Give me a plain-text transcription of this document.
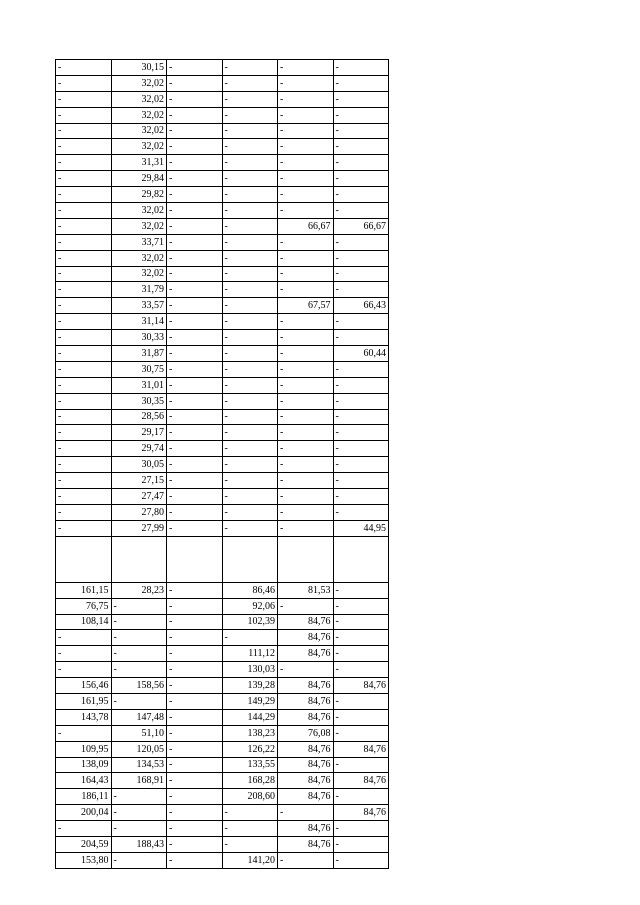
-	30,15	-	-	-	-
-	32,02	-	-	-	-
-	32,02	-	-	-	-
-	32,02	-	-	-	-
-	32,02	-	-	-	-
-	32,02	-	-	-	-
-	31,31	-	-	-	-
-	29,84	-	-	-	-
-	29,82	-	-	-	-
-	32,02	-	-	-	-
-	32,02	-	-	66,67	66,67
-	33,71	-	-	-	-
-	32,02	-	-	-	-
-	32,02	-	-	-	-
-	31,79	-	-	-	-
-	33,57	-	-	67,57	66,43
-	31,14	-	-	-	-
-	30,33	-	-	-	-
-	31,87	-	-	-	60,44
-	30,75	-	-	-	-
-	31,01	-	-	-	-
-	30,35	-	-	-	-
-	28,56	-	-	-	-
-	29,17	-	-	-	-
-	29,74	-	-	-	-
-	30,05	-	-	-	-
-	27,15	-	-	-	-
-	27,47	-	-	-	-
-	27,80	-	-	-	-
-	27,99	-	-	-	44,95

161,15	28,23	-	86,46	81,53	-
76,75	-	-	92,06	-	-
108,14	-	-	102,39	84,76	-
-	-	-	-	84,76	-
-	-	-	111,12	84,76	-
-	-	-	130,03	-	-
156,46	158,56	-	139,28	84,76	84,76
161,95	-	-	149,29	84,76	-
143,78	147,48	-	144,29	84,76	-
-	51,10	-	138,23	76,08	-
109,95	120,05	-	126,22	84,76	84,76
138,09	134,53	-	133,55	84,76	-
164,43	168,91	-	168,28	84,76	84,76
186,11	-	-	208,60	84,76	-
200,04	-	-	-	-	84,76
-	-	-	-	84,76	-
204,59	188,43	-	-	84,76	-
153,80	-	-	141,20	-	-
